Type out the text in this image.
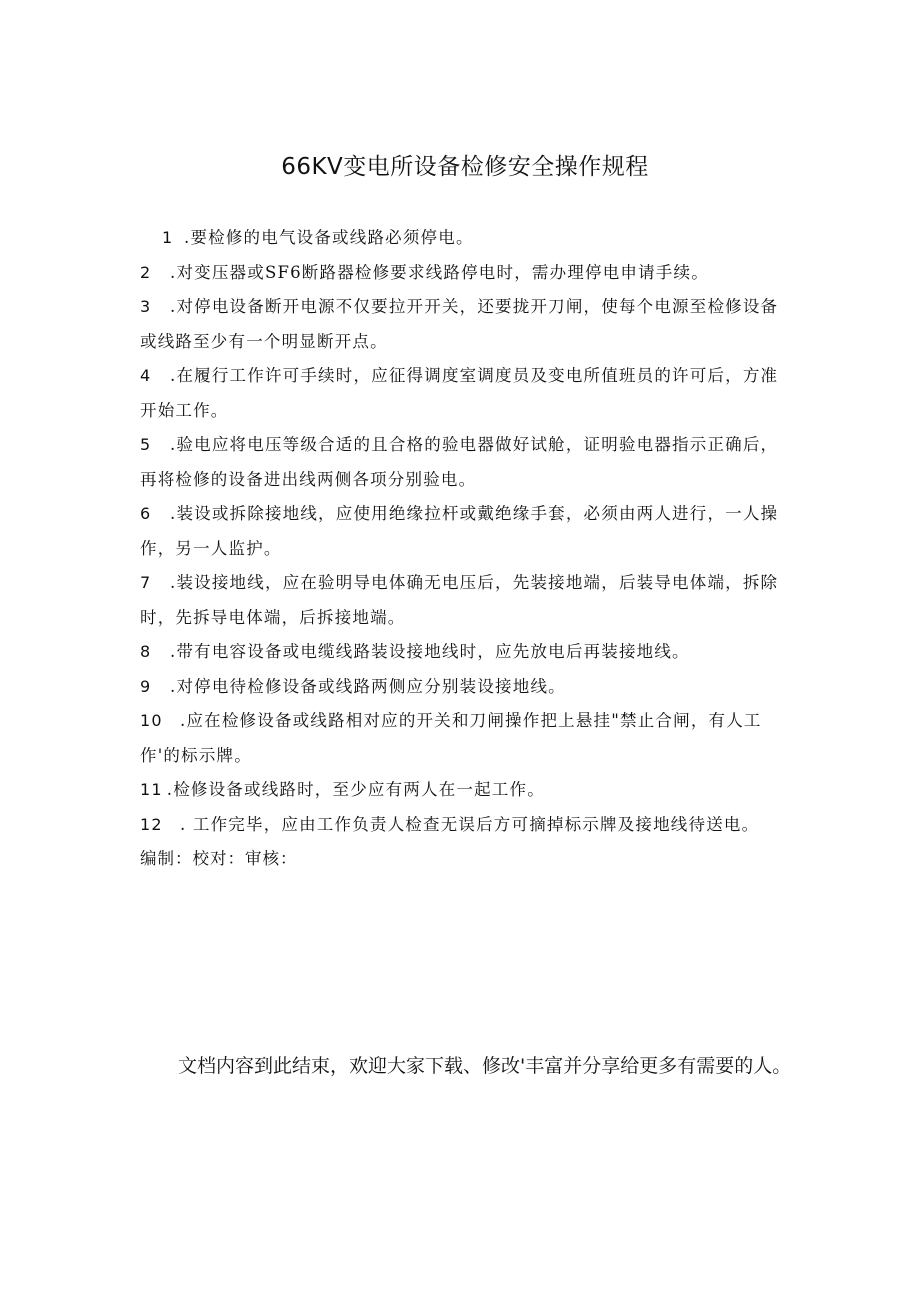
66KV变电所设备检修安全操作规程

1 .要检修的电气设备或线路必须停电。

2 .对变压器或SF6断路器检修要求线路停电时，需办理停电申请手续。

3 .对停电设备断开电源不仅要拉开开关，还要拢开刀闸，使每个电源至检修设备或线路至少有一个明显断开点。

4 .在履行工作许可手续时，应征得调度室调度员及变电所值班员的许可后，方准开始工作。

5 .验电应将电压等级合适的且合格的验电器做好试舱，证明验电器指示正确后，再将检修的设备进出线两侧各项分别验电。

6 .装设或拆除接地线，应使用绝缘拉杆或戴绝缘手套，必须由两人进行，一人操作，另一人监护。

7 .装设接地线，应在验明导电体确无电压后，先装接地端，后装导电体端，拆除时，先拆导电体端，后拆接地端。

8 .带有电容设备或电缆线路装设接地线时，应先放电后再装接地线。

9 .对停电待检修设备或线路两侧应分别装设接地线。

10 .应在检修设备或线路相对应的开关和刀闸操作把上悬挂"禁止合闸，有人工作'的标示牌。

11 .检修设备或线路时，至少应有两人在一起工作。

12 . 工作完毕，应由工作负责人检查无误后方可摘掉标示牌及接地线待送电。

编制：校对：审核：

文档内容到此结束，欢迎大家下载、修改'丰富并分享给更多有需要的人。
